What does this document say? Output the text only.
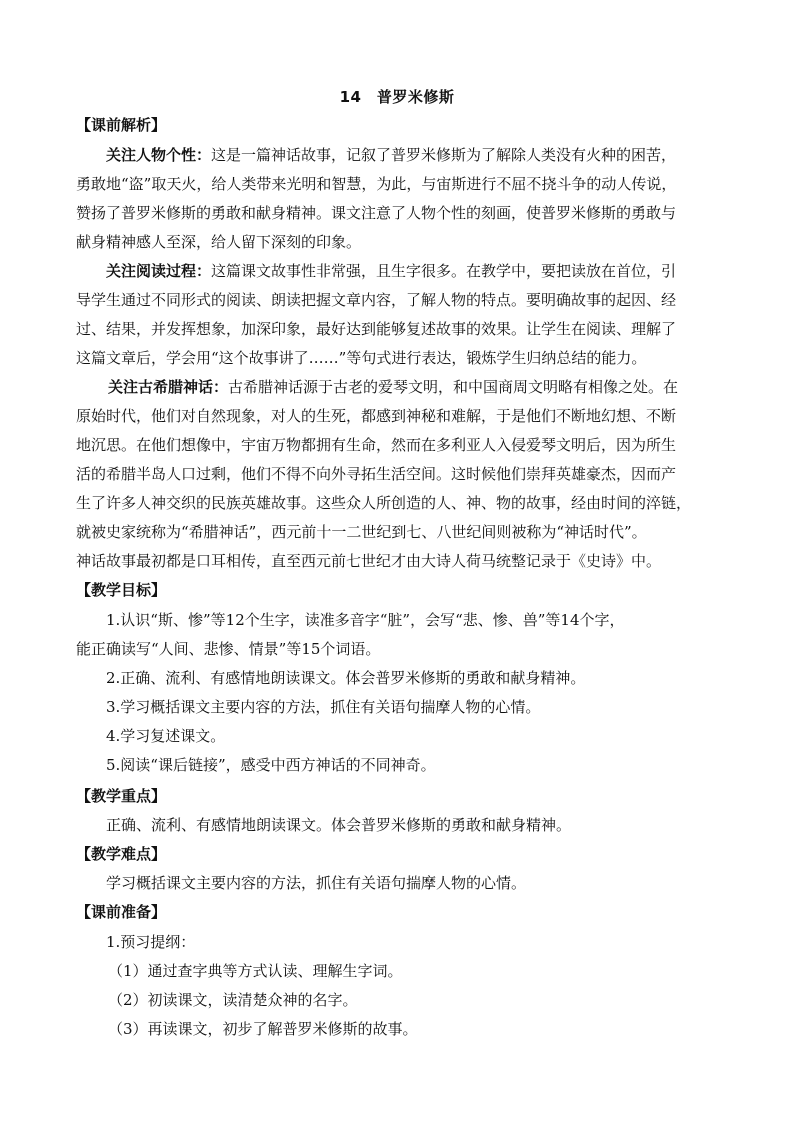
14　普罗米修斯
【课前解析】
关注人物个性：这是一篇神话故事，记叙了普罗米修斯为了解除人类没有火种的困苦，
勇敢地“盗”取天火，给人类带来光明和智慧，为此，与宙斯进行不屈不挠斗争的动人传说，
赞扬了普罗米修斯的勇敢和献身精神。课文注意了人物个性的刻画，使普罗米修斯的勇敢与
献身精神感人至深，给人留下深刻的印象。
关注阅读过程：这篇课文故事性非常强，且生字很多。在教学中，要把读放在首位，引
导学生通过不同形式的阅读、朗读把握文章内容，了解人物的特点。要明确故事的起因、经
过、结果，并发挥想象，加深印象，最好达到能够复述故事的效果。让学生在阅读、理解了
这篇文章后，学会用“这个故事讲了……”等句式进行表达，锻炼学生归纳总结的能力。
关注古希腊神话：古希腊神话源于古老的爱琴文明，和中国商周文明略有相像之处。在
原始时代，他们对自然现象，对人的生死，都感到神秘和难解，于是他们不断地幻想、不断
地沉思。在他们想像中，宇宙万物都拥有生命，然而在多利亚人入侵爱琴文明后，因为所生
活的希腊半岛人口过剩，他们不得不向外寻拓生活空间。这时候他们崇拜英雄豪杰，因而产
生了许多人神交织的民族英雄故事。这些众人所创造的人、神、物的故事，经由时间的淬链，
就被史家统称为“希腊神话”，西元前十一二世纪到七、八世纪间则被称为“神话时代”。
神话故事最初都是口耳相传，直至西元前七世纪才由大诗人荷马统整记录于《史诗》中。
【教学目标】
1.认识“斯、惨”等12个生字，读准多音字“脏”，会写“悲、惨、兽”等14个字，
能正确读写“人间、悲惨、情景”等15个词语。
2.正确、流利、有感情地朗读课文。体会普罗米修斯的勇敢和献身精神。
3.学习概括课文主要内容的方法，抓住有关语句揣摩人物的心情。
4.学习复述课文。
5.阅读“课后链接”，感受中西方神话的不同神奇。
【教学重点】
正确、流利、有感情地朗读课文。体会普罗米修斯的勇敢和献身精神。
【教学难点】
学习概括课文主要内容的方法，抓住有关语句揣摩人物的心情。
【课前准备】
1.预习提纲：
（1）通过查字典等方式认读、理解生字词。
（2）初读课文，读清楚众神的名字。
（3）再读课文，初步了解普罗米修斯的故事。
